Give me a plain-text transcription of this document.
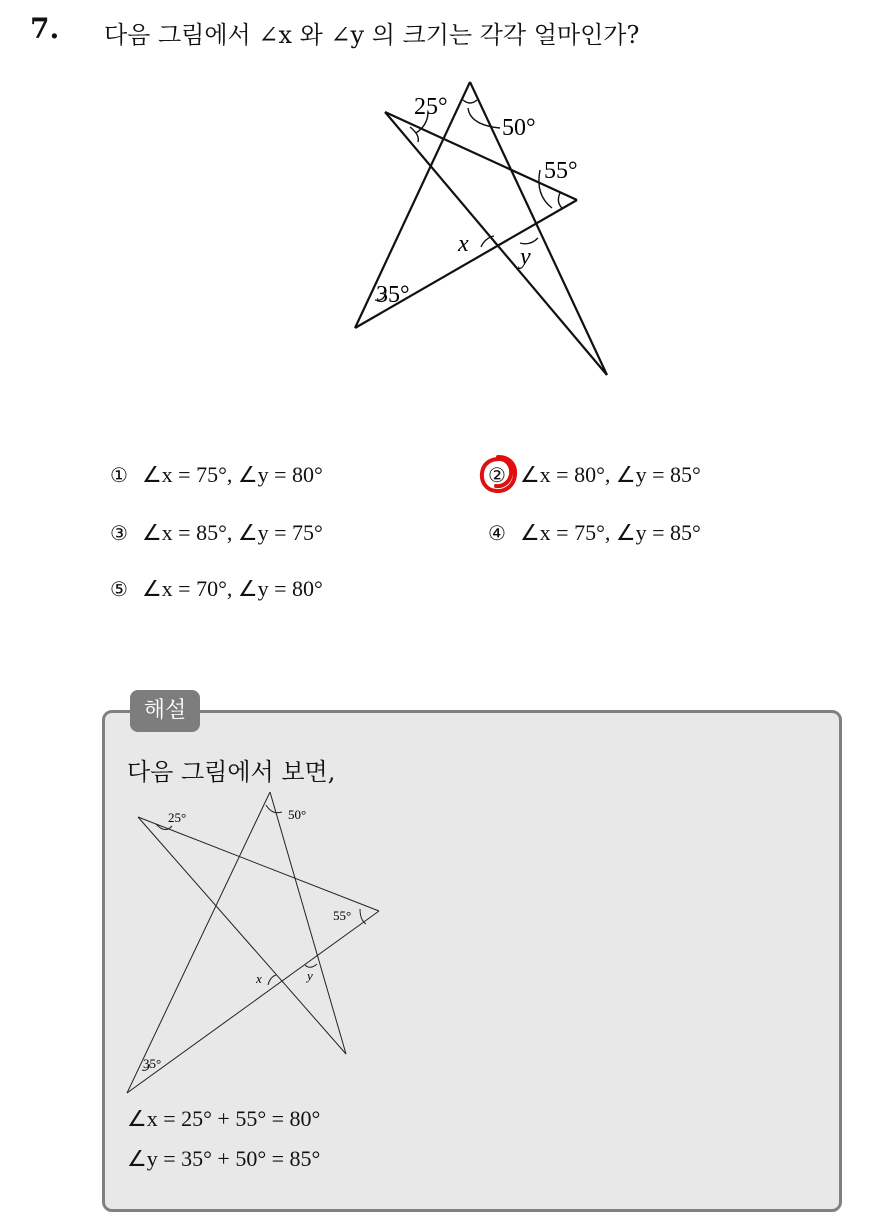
7. 다음 그림에서 ∠x 와 ∠y 의 크기는 각각 얼마인가?
25°
50°
55°
35°
x y
① ∠x = 75°, ∠y = 80°	② ∠x = 80°, ∠y = 85°
③ ∠x = 85°, ∠y = 75°	④ ∠x = 75°, ∠y = 85°
⑤ ∠x = 70°, ∠y = 80°
해설
다음 그림에서 보면,
25°	50°
55°
35°
x	y
∠x = 25° + 55° = 80°
∠y = 35° + 50° = 85°
